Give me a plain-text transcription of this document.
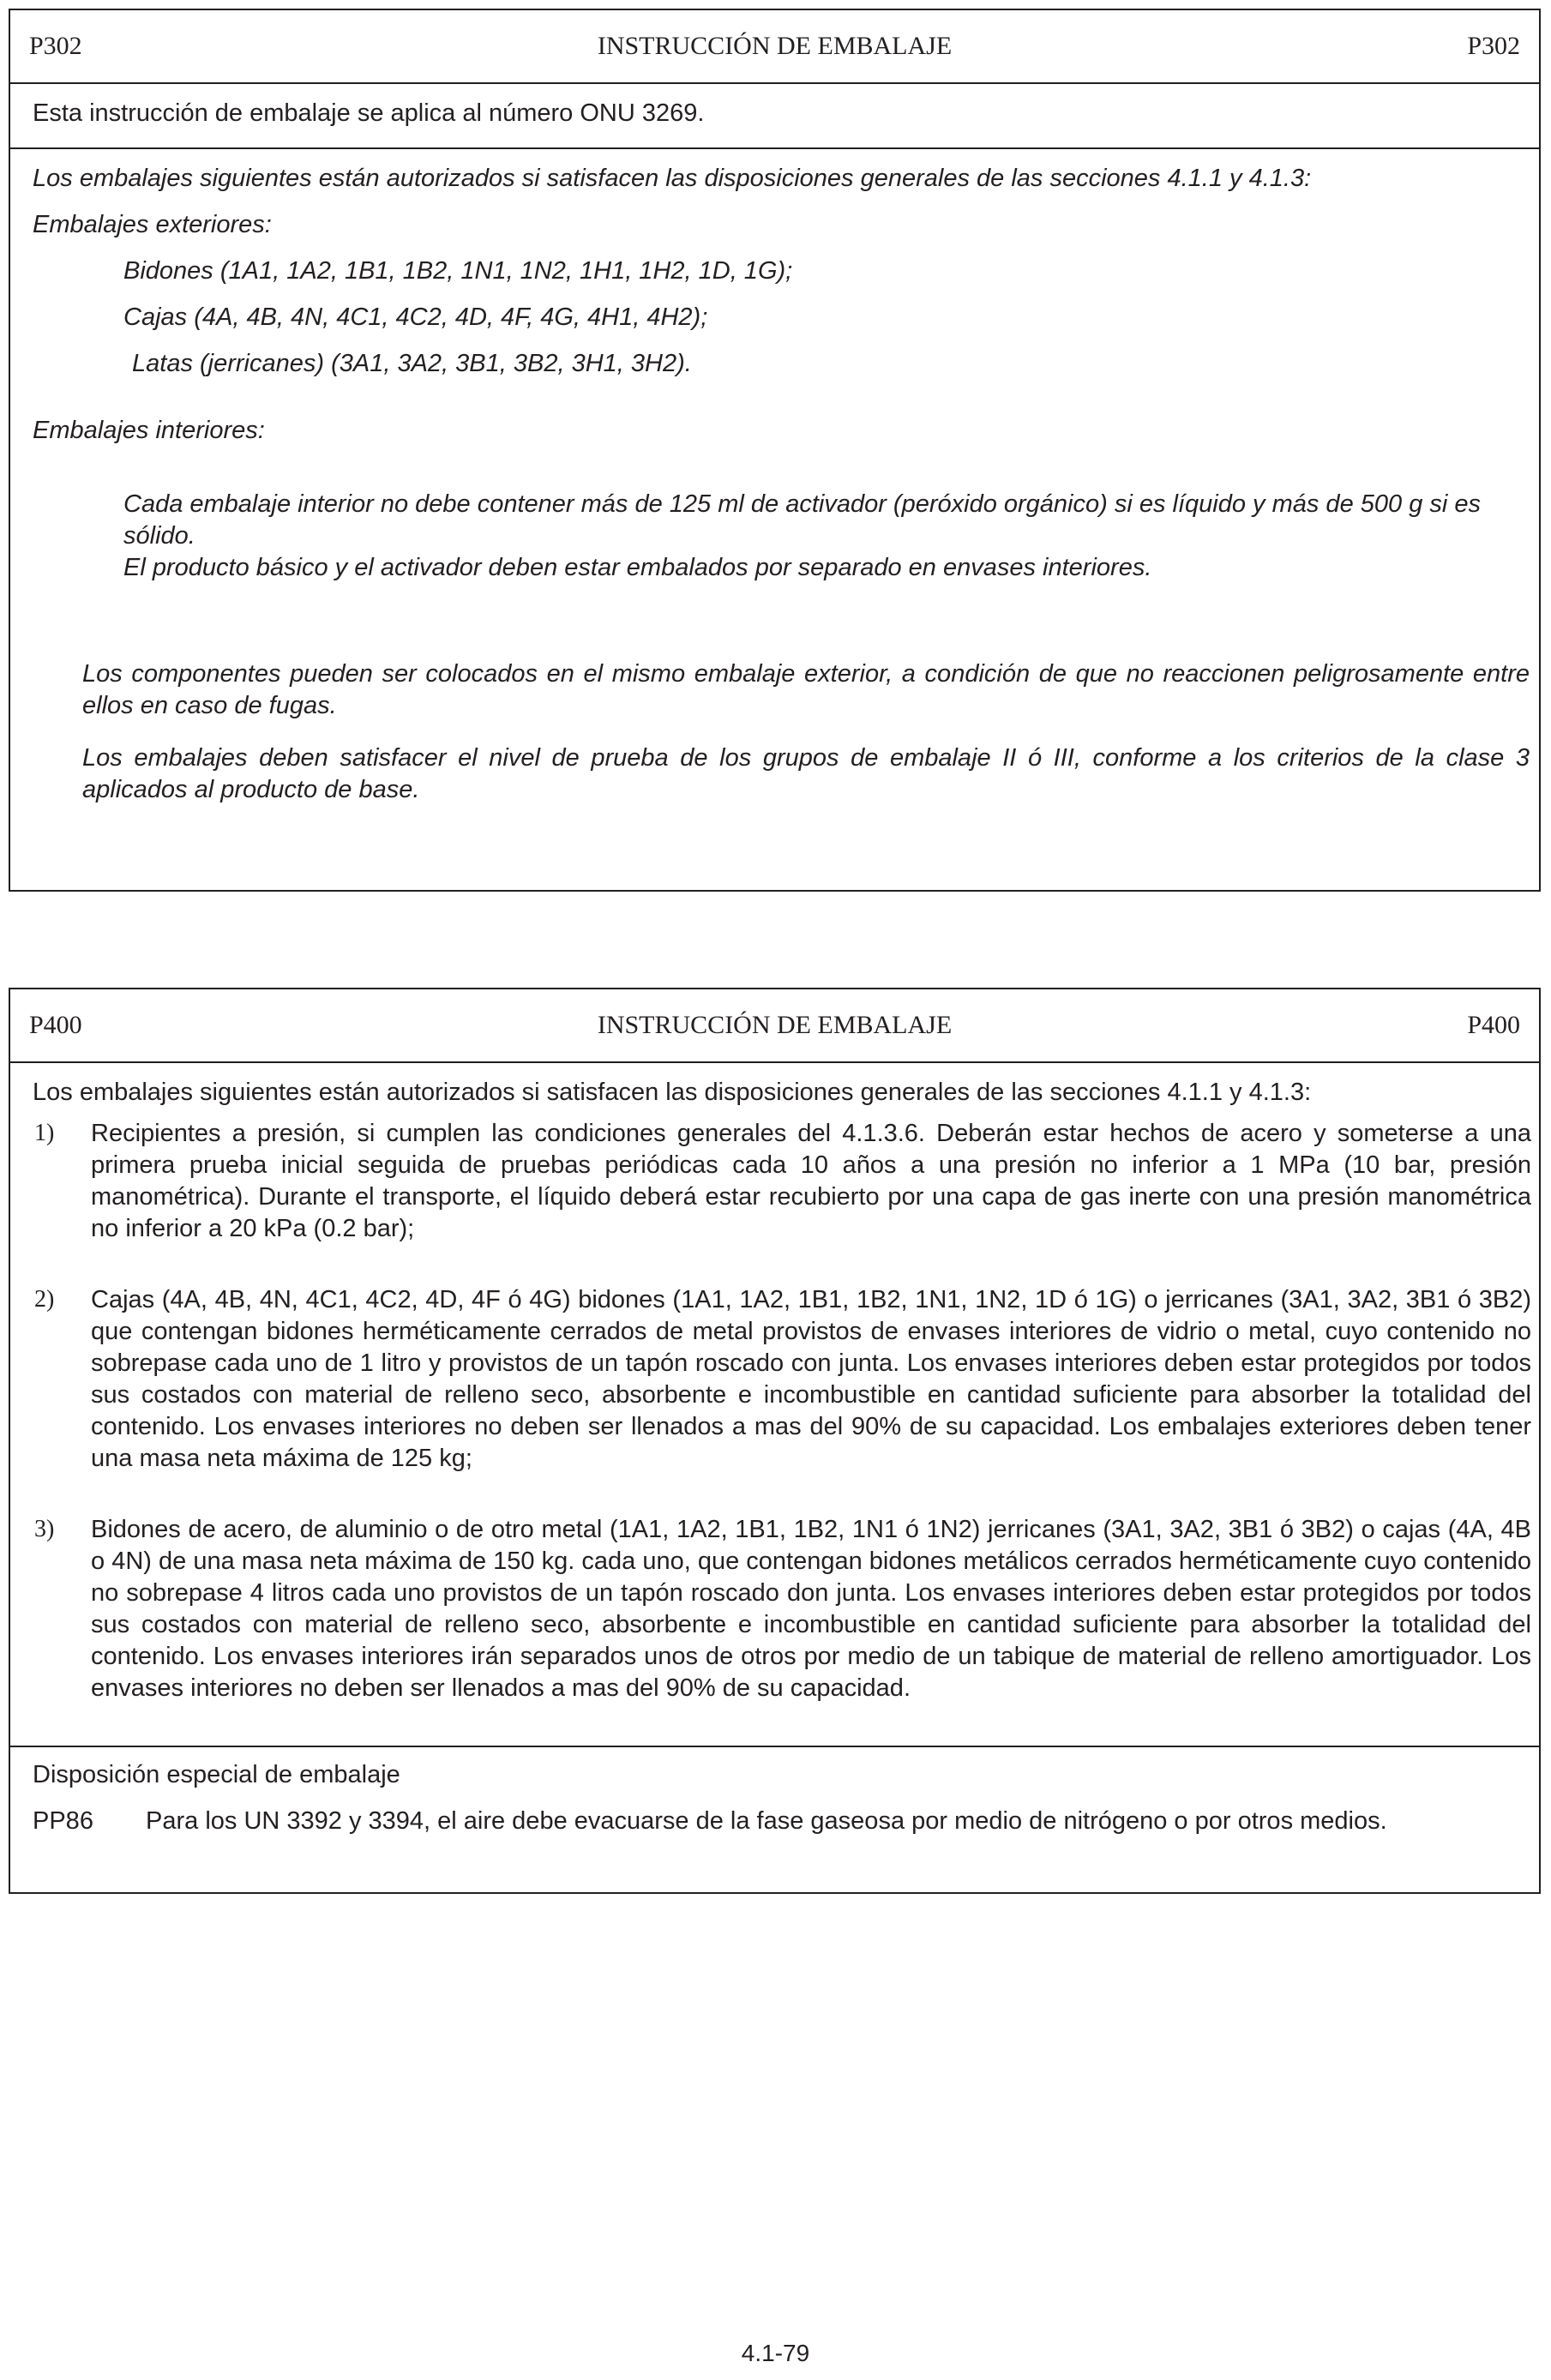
P302	INSTRUCCIÓN DE EMBALAJE	P302
Esta instrucción de embalaje se aplica al número ONU 3269.
Los embalajes siguientes están autorizados si satisfacen las disposiciones generales de las secciones 4.1.1 y 4.1.3:
Embalajes exteriores:
Bidones (1A1, 1A2, 1B1, 1B2, 1N1, 1N2, 1H1, 1H2, 1D, 1G);
Cajas (4A, 4B, 4N, 4C1, 4C2, 4D, 4F, 4G, 4H1, 4H2);
Latas (jerricanes) (3A1, 3A2, 3B1, 3B2, 3H1, 3H2).
Embalajes interiores:
Cada embalaje interior no debe contener más de 125 ml de activador (peróxido orgánico) si es líquido y más de 500 g si es sólido.
El producto básico y el activador deben estar embalados por separado en envases interiores.
Los componentes pueden ser colocados en el mismo embalaje exterior, a condición de que no reaccionen peligrosamente entre ellos en caso de fugas.
Los embalajes deben satisfacer el nivel de prueba de los grupos de embalaje II ó III, conforme a los criterios de la clase 3 aplicados al producto de base.
P400	INSTRUCCIÓN DE EMBALAJE	P400
Los embalajes siguientes están autorizados si satisfacen las disposiciones generales de las secciones 4.1.1 y 4.1.3:
1) Recipientes a presión, si cumplen las condiciones generales del 4.1.3.6. Deberán estar hechos de acero y someterse a una primera prueba inicial seguida de pruebas periódicas cada 10 años a una presión no inferior a 1 MPa (10 bar, presión manométrica). Durante el transporte, el líquido deberá estar recubierto por una capa de gas inerte con una presión manométrica no inferior a 20 kPa (0.2 bar);
2) Cajas (4A, 4B, 4N, 4C1, 4C2, 4D, 4F ó 4G) bidones (1A1, 1A2, 1B1, 1B2, 1N1, 1N2, 1D ó 1G) o jerricanes (3A1, 3A2, 3B1 ó 3B2) que contengan bidones herméticamente cerrados de metal provistos de envases interiores de vidrio o metal, cuyo contenido no sobrepase cada uno de 1 litro y provistos de un tapón roscado con junta. Los envases interiores deben estar protegidos por todos sus costados con material de relleno seco, absorbente e incombustible en cantidad suficiente para absorber la totalidad del contenido. Los envases interiores no deben ser llenados a mas del 90% de su capacidad. Los embalajes exteriores deben tener una masa neta máxima de 125 kg;
3) Bidones de acero, de aluminio o de otro metal (1A1, 1A2, 1B1, 1B2, 1N1 ó 1N2) jerricanes (3A1, 3A2, 3B1 ó 3B2) o cajas (4A, 4B o 4N) de una masa neta máxima de 150 kg. cada uno, que contengan bidones metálicos cerrados herméticamente cuyo contenido no sobrepase 4 litros cada uno provistos de un tapón roscado don junta. Los envases interiores deben estar protegidos por todos sus costados con material de relleno seco, absorbente e incombustible en cantidad suficiente para absorber la totalidad del contenido. Los envases interiores irán separados unos de otros por medio de un tabique de material de relleno amortiguador. Los envases interiores no deben ser llenados a mas del 90% de su capacidad.
Disposición especial de embalaje
PP86 Para los UN 3392 y 3394, el aire debe evacuarse de la fase gaseosa por medio de nitrógeno o por otros medios.
4.1-79
